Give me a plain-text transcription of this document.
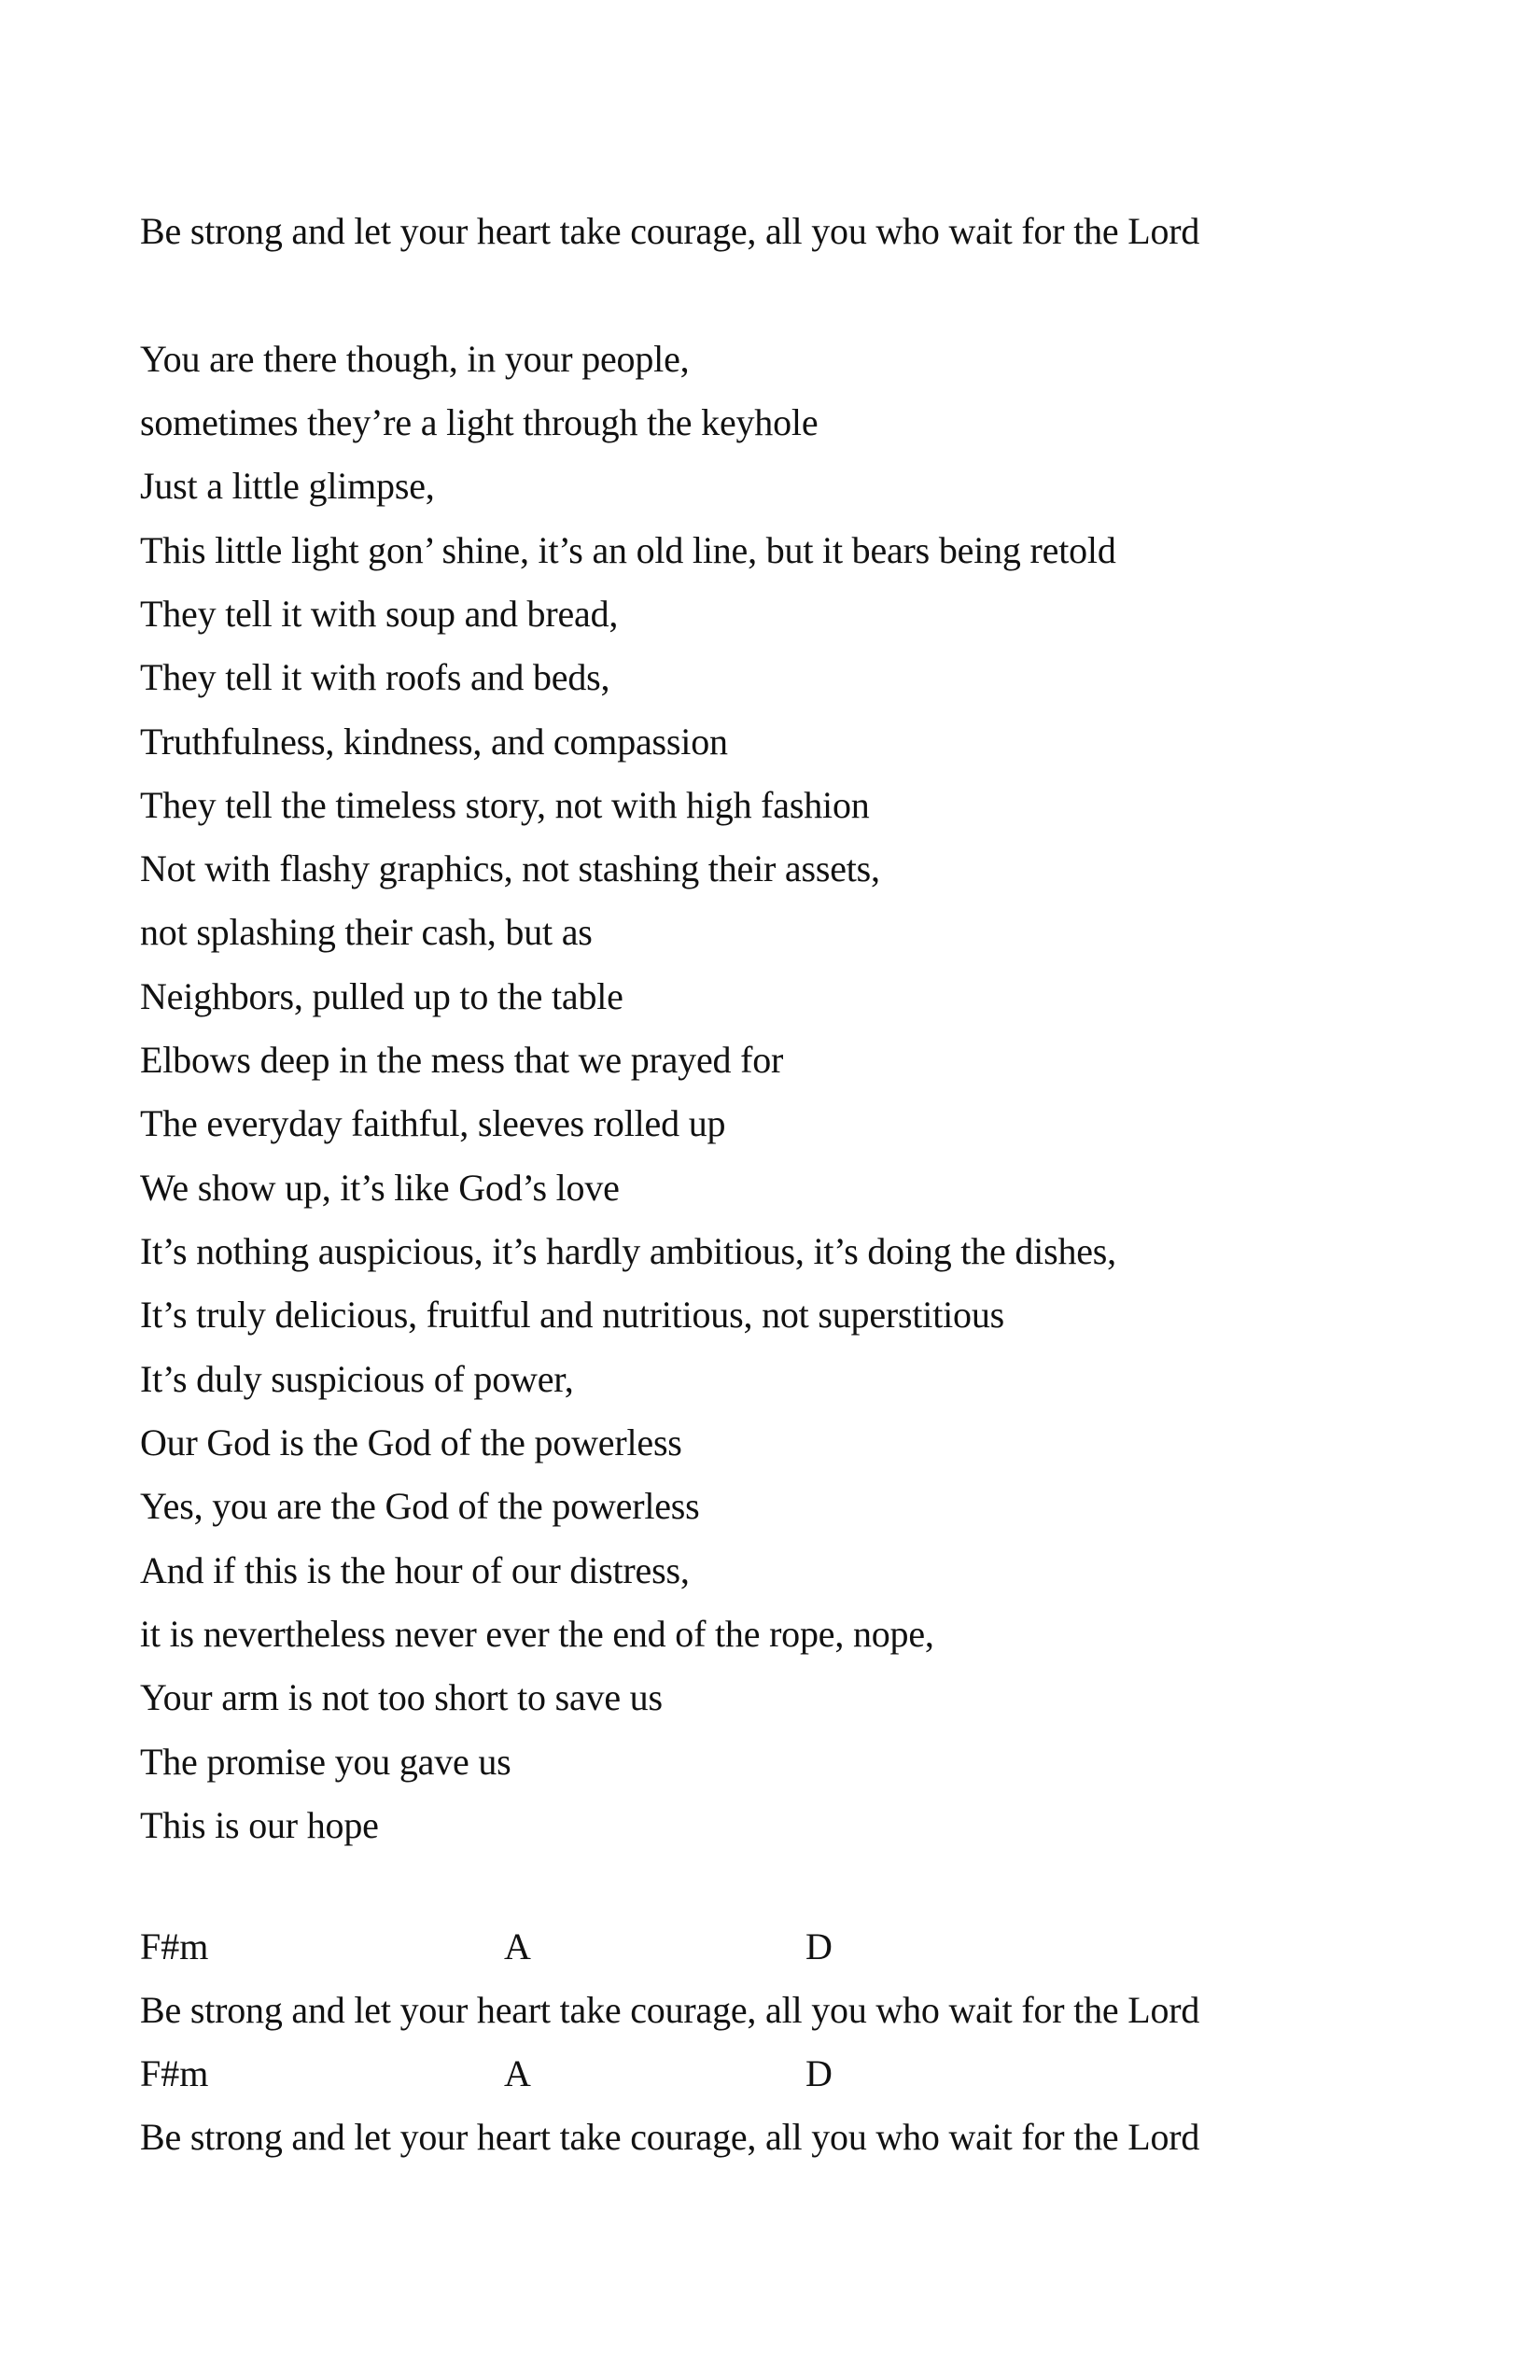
Be strong and let your heart take courage, all you who wait for the Lord
You are there though, in your people,
sometimes they’re a light through the keyhole
Just a little glimpse,
This little light gon’ shine, it’s an old line, but it bears being retold
They tell it with soup and bread,
They tell it with roofs and beds,
Truthfulness, kindness, and compassion
They tell the timeless story, not with high fashion
Not with flashy graphics, not stashing their assets,
not splashing their cash, but as
Neighbors, pulled up to the table
Elbows deep in the mess that we prayed for
The everyday faithful, sleeves rolled up
We show up, it’s like God’s love
It’s nothing auspicious, it’s hardly ambitious, it’s doing the dishes,
It’s truly delicious, fruitful and nutritious, not superstitious
It’s duly suspicious of power,
Our God is the God of the powerless
Yes, you are the God of the powerless
And if this is the hour of our distress,
it is nevertheless never ever the end of the rope, nope,
Your arm is not too short to save us
The promise you gave us
This is our hope
F#m	A	D
Be strong and let your heart take courage, all you who wait for the Lord
F#m	A	D
Be strong and let your heart take courage, all you who wait for the Lord
